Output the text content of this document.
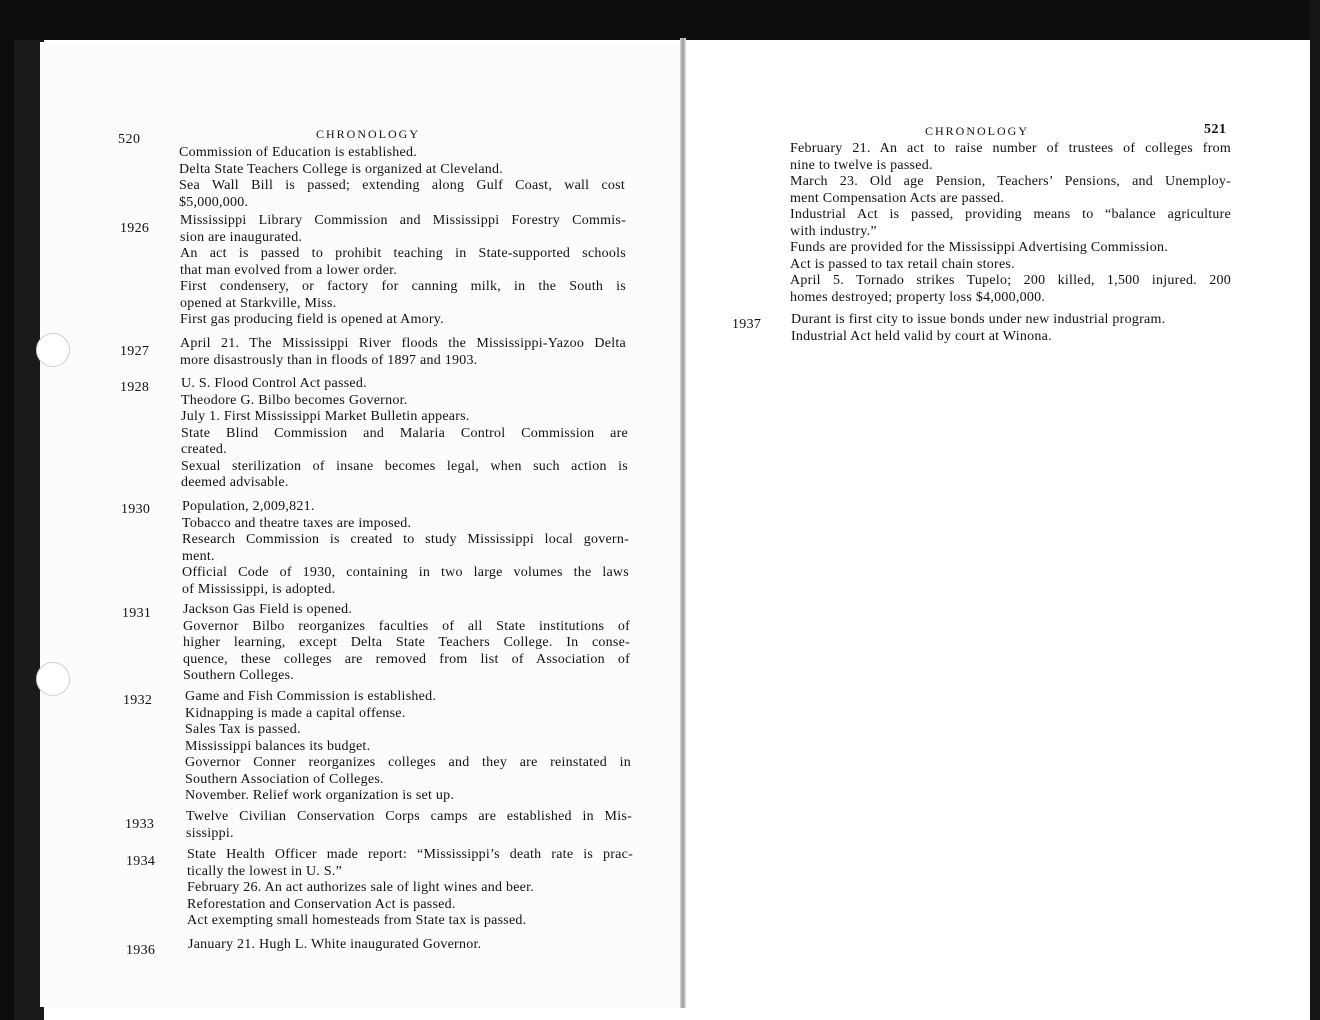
520	CHRONOLOGY
Commission of Education is established.
Delta State Teachers College is organized at Cleveland.
Sea Wall Bill is passed; extending along Gulf Coast, wall cost
$5,000,000.
1926
Mississippi Library Commission and Mississippi Forestry Commis-
sion are inaugurated.
An act is passed to prohibit teaching in State-supported schools
that man evolved from a lower order.
First condensery, or factory for canning milk, in the South is
opened at Starkville, Miss.
First gas producing field is opened at Amory.
1927
April 21. The Mississippi River floods the Mississippi-Yazoo Delta
more disastrously than in floods of 1897 and 1903.
1928 U. S. Flood Control Act passed.
Theodore G. Bilbo becomes Governor.
July 1. First Mississippi Market Bulletin appears.
State Blind Commission and Malaria Control Commission are
created.
Sexual sterilization of insane becomes legal, when such action is
deemed advisable.
1930 Population, 2,009,821.
Tobacco and theatre taxes are imposed.
Research Commission is created to study Mississippi local govern-
ment.
Official Code of 1930, containing in two large volumes the laws
of Mississippi, is adopted.
1931 Jackson Gas Field is opened.
Governor Bilbo reorganizes faculties of all State institutions of
higher learning, except Delta State Teachers College. In conse-
quence, these colleges are removed from list of Association of
Southern Colleges.
1932 Game and Fish Commission is established.
Kidnapping is made a capital offense.
Sales Tax is passed.
Mississippi balances its budget.
Governor Conner reorganizes colleges and they are reinstated in
Southern Association of Colleges.
November. Relief work organization is set up.
1933
Twelve Civilian Conservation Corps camps are established in Mis-
sissippi.
1934 State Health Officer made report: “Mississippi’s death rate is prac-
tically the lowest in U. S.”
February 26. An act authorizes sale of light wines and beer.
Reforestation and Conservation Act is passed.
Act exempting small homesteads from State tax is passed.
1936 January 21. Hugh L. White inaugurated Governor.
CHRONOLOGY	521
February 21. An act to raise number of trustees of colleges from
nine to twelve is passed.
March 23. Old age Pension, Teachers’ Pensions, and Unemploy-
ment Compensation Acts are passed.
Industrial Act is passed, providing means to “balance agriculture
with industry.”
Funds are provided for the Mississippi Advertising Commission.
Act is passed to tax retail chain stores.
April 5. Tornado strikes Tupelo; 200 killed, 1,500 injured. 200
homes destroyed; property loss $4,000,000.
1937 Durant is first city to issue bonds under new industrial program.
Industrial Act held valid by court at Winona.
